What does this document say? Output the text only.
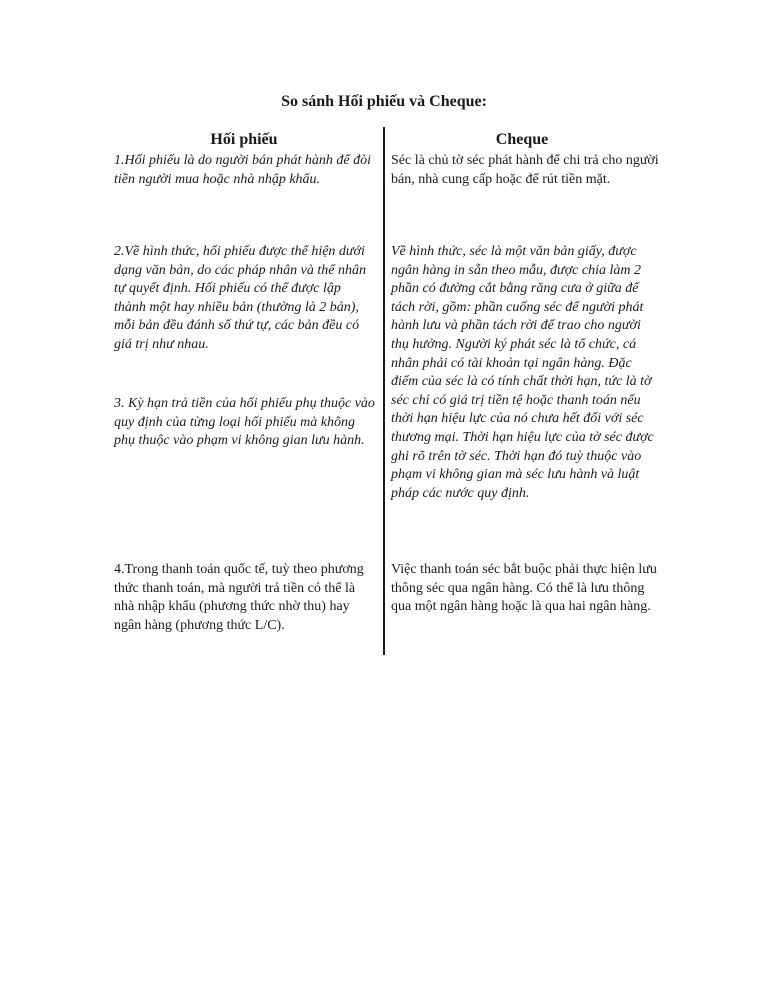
So sánh Hối phiếu và Cheque:
Hối phiếu	Cheque

1.Hối phiếu là do người bán phát hành để đòi tiền người mua hoặc nhà nhập khẩu.

Séc là chủ tờ séc phát hành để chi trả cho người bán, nhà cung cấp hoặc để rút tiền mặt.

2.Về hình thức, hối phiếu được thể hiện dưới dạng văn bản, do các pháp nhân và thể nhân tự quyết định. Hối phiếu có thể được lập thành một hay nhiều bản (thường là 2 bản), mỗi bản đều đánh số thứ tự, các bản đều có giá trị như nhau.

Về hình thức, séc là một văn bản giấy, được ngân hàng in sẵn theo mẫu, được chia làm 2 phần có đường cắt bằng răng cưa ở giữa để tách rời, gồm: phần cuống séc để người phát hành lưu và phần tách rời để trao cho người thụ hưởng. Người ký phát séc là tổ chức, cá nhân phải có tài khoản tại ngân hàng. Đặc điểm của séc là có tính chất thời hạn, tức là tờ séc chỉ có giá trị tiền tệ hoặc thanh toán nếu thời hạn hiệu lực của nó chưa hết đối với séc thương mại. Thời hạn hiệu lực của tờ séc được ghi rõ trên tờ séc. Thời hạn đó tuỳ thuộc vào phạm vi không gian mà séc lưu hành và luật pháp các nước quy định.

3. Kỳ hạn trả tiền của hối phiếu phụ thuộc vào quy định của từng loại hối phiếu mà không phụ thuộc vào phạm vi không gian lưu hành.

4.Trong thanh toán quốc tế, tuỳ theo phương thức thanh toán, mà người trả tiền có thể là nhà nhập khẩu (phương thức nhờ thu) hay ngân hàng (phương thức L/C).

Việc thanh toán séc bắt buộc phải thực hiện lưu thông séc qua ngân hàng. Có thể là lưu thông qua một ngân hàng hoặc là qua hai ngân hàng.
